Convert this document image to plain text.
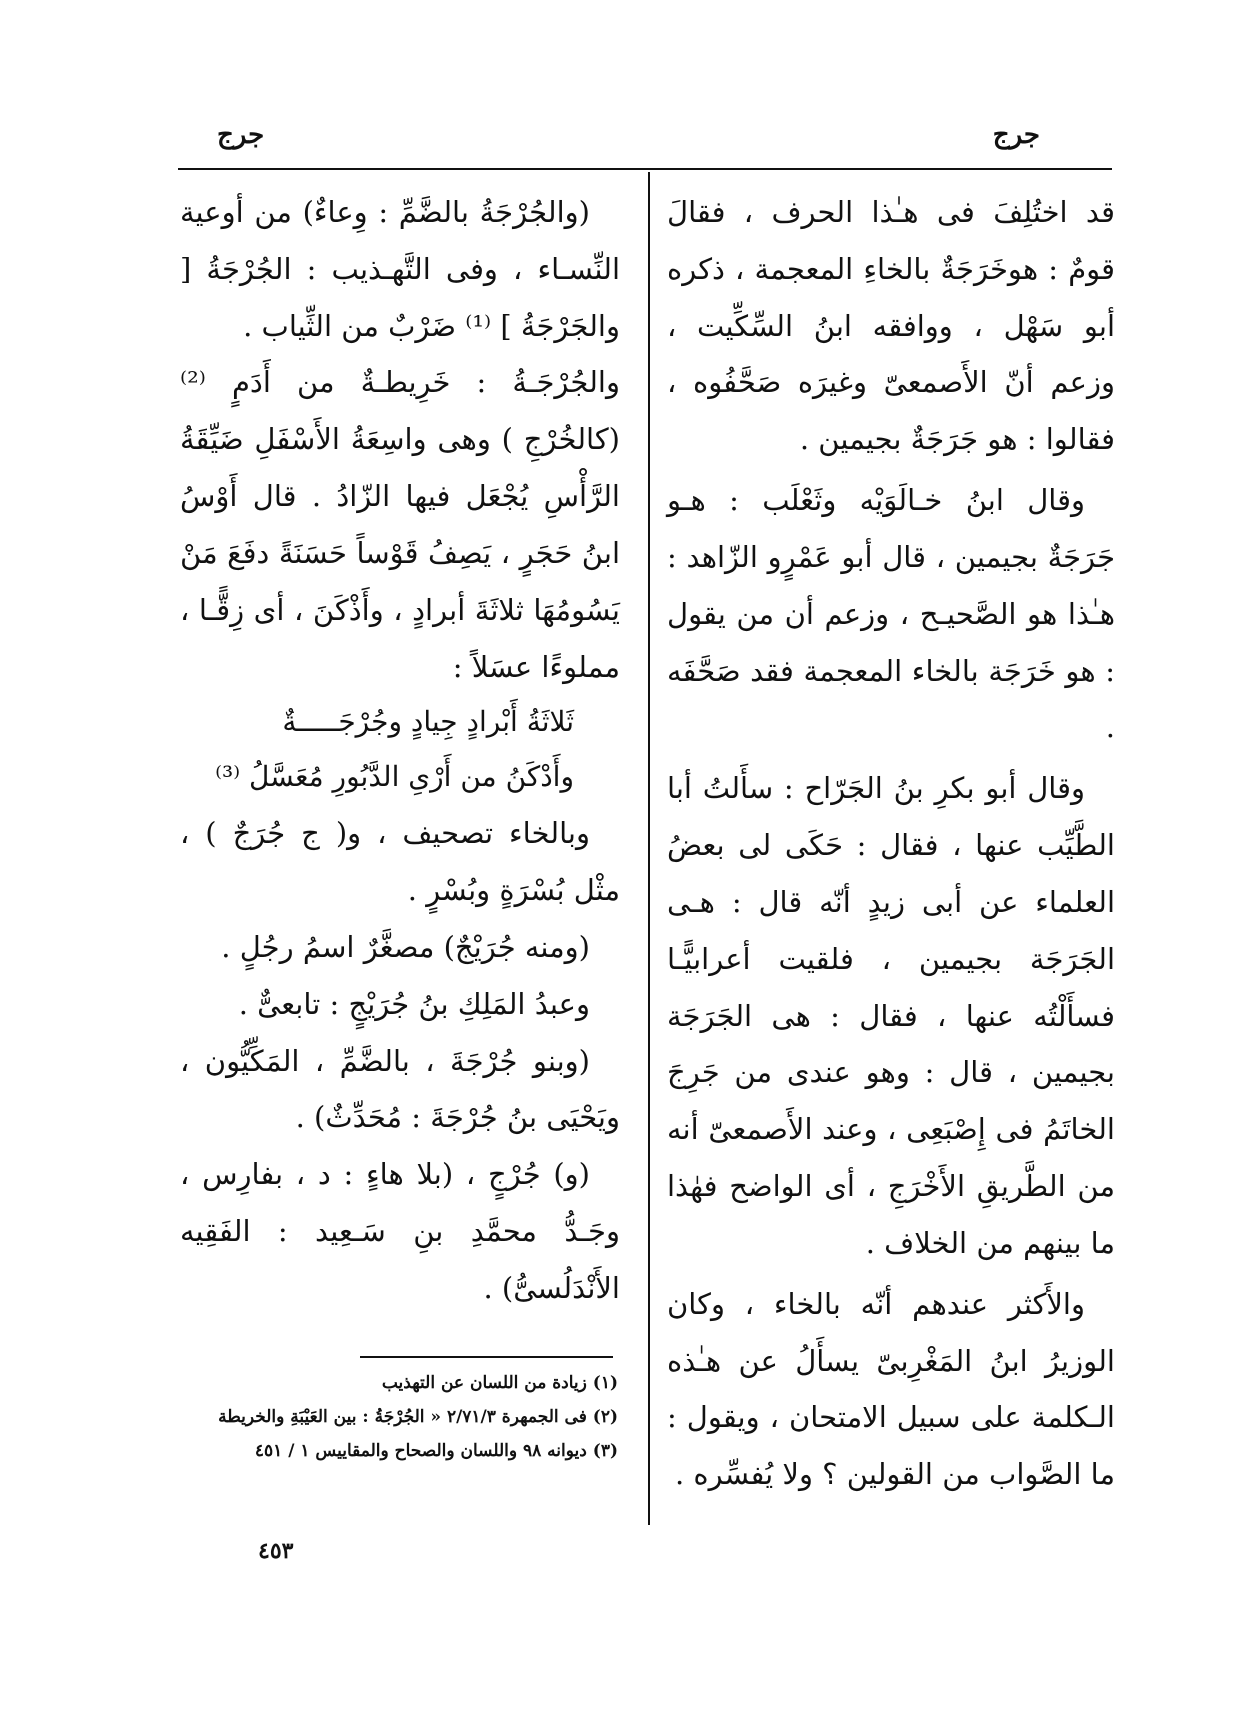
جرج
جرج

قد اختُلِفَ فى هـٰذا الحرف ، فقالَ قومٌ : هوخَرَجَةٌ بالخاءِ المعجمة ، ذكره أبو سَهْل ، ووافقه ابنُ السِّكِّيت ، وزعم أنّ الأَصمعىّ وغيرَه صَحَّفُوه ، فقالوا : هو جَرَجَةٌ بجيمين .

وقال ابنُ خـالَوَيْه وثَعْلَب : هـو جَرَجَةٌ بجيمين ، قال أبو عَمْرٍو الزّاهد : هـٰذا هو الصَّحيـح ، وزعم أن من يقول : هو خَرَجَة بالخاء المعجمة فقد صَحَّفَه .

وقال أبو بكرِ بنُ الجَرّاح : سأَلتُ أبا الطَّيِّب عنها ، فقال : حَكَى لى بعضُ العلماء عن أبى زيدٍ أنّه قال : هـى الجَرَجَة بجيمين ، فلقيت أعرابيًّـا فسأَلْتُه عنها ، فقال : هى الجَرَجَة بجيمين ، قال : وهو عندى من جَرِجَ الخاتَمُ فى إِصْبَعِى ، وعند الأَصمعىّ أنه من الطَّريقِ الأَخْرَجِ ، أى الواضح فهٰذا ما بينهم من الخلاف .

والأَكثر عندهم أنّه بالخاء ، وكان الوزيرُ ابنُ المَغْرِبىّ يسأَلُ عن هـٰذه الـكلمة على سبيل الامتحان ، ويقول : ما الصَّواب من القولين ؟ ولا يُفسِّره .

(والجُرْجَةُ بالضَّمِّ : وِعاءٌ) من أوعية النِّسـاء ، وفى التَّهـذيب : الجُرْجَةُ [ والجَرْجَةُ ] ⁽¹⁾ ضَرْبٌ من الثِّياب .

والجُرْجَـةُ : خَرِيطـةٌ من أَدَمٍ ⁽²⁾ (كالخُرْجِ ) وهى واسِعَةُ الأَسْفَلِ ضَيِّقَةُ الرَّأْسِ يُجْعَل فيها الزّادُ . قال أَوْسُ ابنُ حَجَرٍ ، يَصِفُ قَوْساً حَسَنَةً دفَعَ مَنْ يَسُومُهَا ثلاثَةَ أبرادٍ ، وأَذْكَنَ ، أى زِقًّـا ، مملوءًا عسَلاً :

ثَلاثَةُ أَبْرادٍ جِيادٍ وجُرْجَـــــةٌ

وأَدْكَنُ من أَرْىِ الدَّبُورِ مُعَسَّلُ ⁽³⁾

وبالخاء تصحيف ، و( ج جُرَجٌ ) ، مثْل بُسْرَةٍ وبُسْرٍ .

(ومنه جُرَيْجٌ) مصغَّرٌ اسمُ رجُلٍ .

وعبدُ المَلِكِ بنُ جُرَيْجٍ : تابعىٌّ .

(وبنو جُرْجَةَ ، بالضَّمِّ ، المَكِّيُّون ، ويَحْيَى بنُ جُرْجَةَ : مُحَدِّثٌ) .

(و) جُرْجٍ ، (بلا هاءٍ : د ، بفارِس ، وجَـدُّ محمَّدِ بنِ سَـعِيد : الفَقِيه الأَنْدَلُسىُّ) .

(١) زيادة من اللسان عن التهذيب

(٢) فى الجمهرة ٢/٧١/٣ « الجُرْجَةُ : بين العَيْبَةِ والخريطة

(٣) ديوانه ٩٨ واللسان والصحاح والمقاييس ١ / ٤٥١

٤٥٣
